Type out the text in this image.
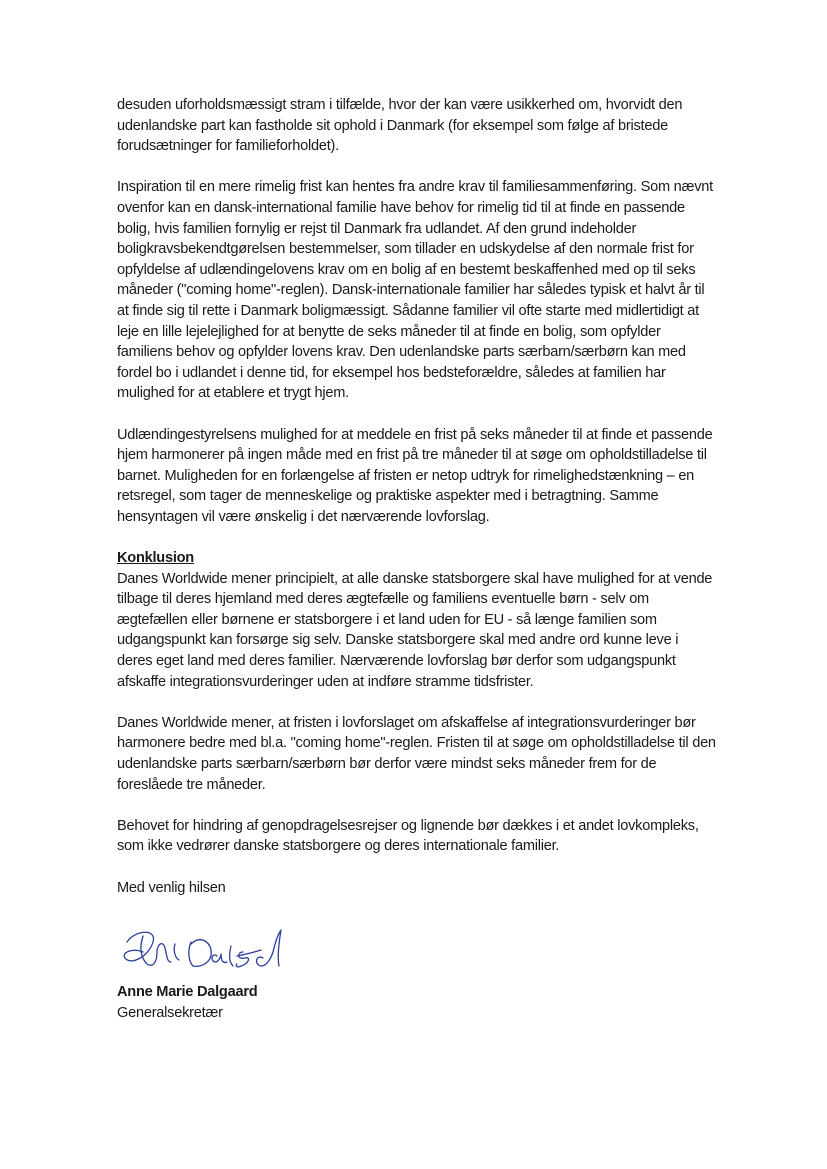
desuden uforholdsmæssigt stram i tilfælde, hvor der kan være usikkerhed om, hvorvidt den udenlandske part kan fastholde sit ophold i Danmark (for eksempel som følge af bristede forudsætninger for familieforholdet).

Inspiration til en mere rimelig frist kan hentes fra andre krav til familiesammenføring. Som nævnt ovenfor kan en dansk-international familie have behov for rimelig tid til at finde en passende bolig, hvis familien fornylig er rejst til Danmark fra udlandet. Af den grund indeholder boligkravsbekendtgørelsen bestemmelser, som tillader en udskydelse af den normale frist for opfyldelse af udlændingelovens krav om en bolig af en bestemt beskaffenhed med op til seks måneder ("coming home"-reglen). Dansk-internationale familier har således typisk et halvt år til at finde sig til rette i Danmark boligmæssigt. Sådanne familier vil ofte starte med midlertidigt at leje en lille lejelejlighed for at benytte de seks måneder til at finde en bolig, som opfylder familiens behov og opfylder lovens krav. Den udenlandske parts særbarn/særbørn kan med fordel bo i udlandet i denne tid, for eksempel hos bedsteforældre, således at familien har mulighed for at etablere et trygt hjem.

Udlændingestyrelsens mulighed for at meddele en frist på seks måneder til at finde et passende hjem harmonerer på ingen måde med en frist på tre måneder til at søge om opholdstilladelse til barnet. Muligheden for en forlængelse af fristen er netop udtryk for rimelighedstænkning – en retsregel, som tager de menneskelige og praktiske aspekter med i betragtning. Samme hensyntagen vil være ønskelig i det nærværende lovforslag.

Konklusion

Danes Worldwide mener principielt, at alle danske statsborgere skal have mulighed for at vende tilbage til deres hjemland med deres ægtefælle og familiens eventuelle børn - selv om ægtefællen eller børnene er statsborgere i et land uden for EU - så længe familien som udgangspunkt kan forsørge sig selv. Danske statsborgere skal med andre ord kunne leve i deres eget land med deres familier. Nærværende lovforslag bør derfor som udgangspunkt afskaffe integrationsvurderinger uden at indføre stramme tidsfrister.

Danes Worldwide mener, at fristen i lovforslaget om afskaffelse af integrationsvurderinger bør harmonere bedre med bl.a. "coming home"-reglen. Fristen til at søge om opholdstilladelse til den udenlandske parts særbarn/særbørn bør derfor være mindst seks måneder frem for de foreslåede tre måneder.

Behovet for hindring af genopdragelsesrejser og lignende bør dækkes i et andet lovkompleks, som ikke vedrører danske statsborgere og deres internationale familier.

Med venlig hilsen

Anne Marie Dalgaard

Generalsekretær
